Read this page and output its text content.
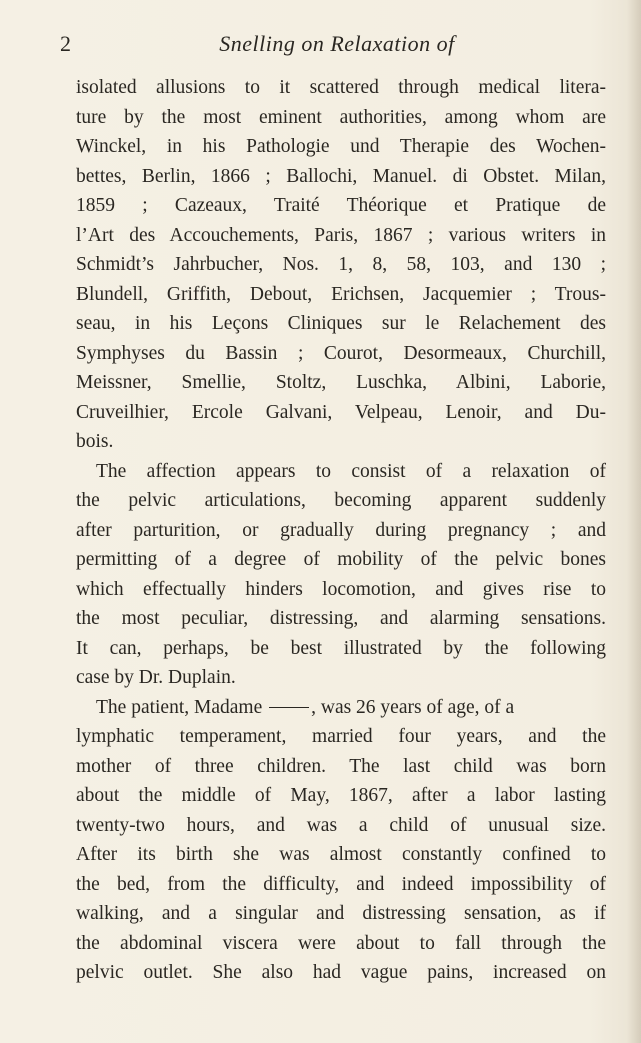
2	Snelling on Relaxation of
isolated allusions to it scattered through medical litera-
ture by the most eminent authorities, among whom are
Winckel, in his Pathologie und Therapie des Wochen-
bettes, Berlin, 1866 ; Ballochi, Manuel. di Obstet. Milan,
1859 ; Cazeaux, Traité Théorique et Pratique de
l’Art des Accouchements, Paris, 1867 ; various writers in
Schmidt’s Jahrbucher, Nos. 1, 8, 58, 103, and 130 ;
Blundell, Griffith, Debout, Erichsen, Jacquemier ; Trous-
seau, in his Leçons Cliniques sur le Relachement des
Symphyses du Bassin ; Courot, Desormeaux, Churchill,
Meissner, Smellie, Stoltz, Luschka, Albini, Laborie,
Cruveilhier, Ercole Galvani, Velpeau, Lenoir, and Du-
bois.
The affection appears to consist of a relaxation of
the pelvic articulations, becoming apparent suddenly
after parturition, or gradually during pregnancy ; and
permitting of a degree of mobility of the pelvic bones
which effectually hinders locomotion, and gives rise to
the most peculiar, distressing, and alarming sensations.
It can, perhaps, be best illustrated by the following
case by Dr. Duplain.
The patient, Madame	, was 26 years of age, of a
lymphatic temperament, married four years, and the
mother of three children. The last child was born
about the middle of May, 1867, after a labor lasting
twenty-two hours, and was a child of unusual size.
After its birth she was almost constantly confined to
the bed, from the difficulty, and indeed impossibility of
walking, and a singular and distressing sensation, as if
the abdominal viscera were about to fall through the
pelvic outlet. She also had vague pains, increased on
